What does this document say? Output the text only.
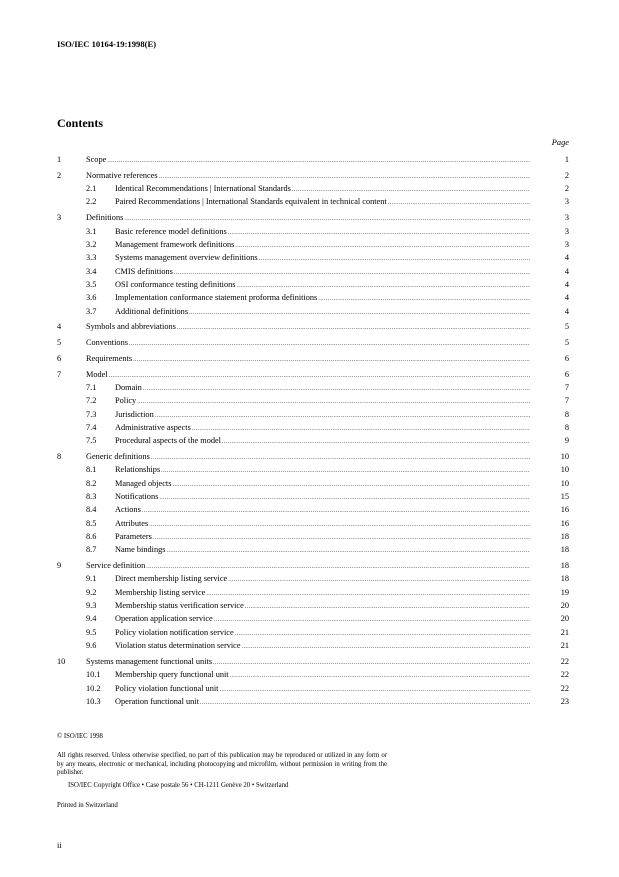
ISO/IEC 10164-19:1998(E)
Contents
Page
1	Scope .....	1
2	Normative references .....	2
2.1	Identical Recommendations | International Standards .....	2
2.2	Paired Recommendations | International Standards equivalent in technical content .....	3
3	Definitions .....	3
3.1	Basic reference model definitions .....	3
3.2	Management framework definitions .....	3
3.3	Systems management overview definitions .....	4
3.4	CMIS definitions .....	4
3.5	OSI conformance testing definitions .....	4
3.6	Implementation conformance statement proforma definitions .....	4
3.7	Additional definitions .....	4
4	Symbols and abbreviations .....	5
5	Conventions .....	5
6	Requirements .....	6
7	Model .....	6
7.1	Domain .....	7
7.2	Policy .....	7
7.3	Jurisdiction .....	8
7.4	Administrative aspects .....	8
7.5	Procedural aspects of the model .....	9
8	Generic definitions .....	10
8.1	Relationships .....	10
8.2	Managed objects .....	10
8.3	Notifications .....	15
8.4	Actions .....	16
8.5	Attributes .....	16
8.6	Parameters .....	18
8.7	Name bindings .....	18
9	Service definition .....	18
9.1	Direct membership listing service .....	18
9.2	Membership listing service .....	19
9.3	Membership status verification service .....	20
9.4	Operation application service .....	20
9.5	Policy violation notification service .....	21
9.6	Violation status determination service .....	21
10	Systems management functional units .....	22
10.1	Membership query functional unit .....	22
10.2	Policy violation functional unit .....	22
10.3	Operation functional unit .....	23
© ISO/IEC 1998
All rights reserved. Unless otherwise specified, no part of this publication may be reproduced or utilized in any form or by any means, electronic or mechanical, including photocopying and microfilm, without permission in writing from the publisher.
ISO/IEC Copyright Office • Case postale 56 • CH-1211 Genève 20 • Switzerland
Printed in Switzerland
ii
